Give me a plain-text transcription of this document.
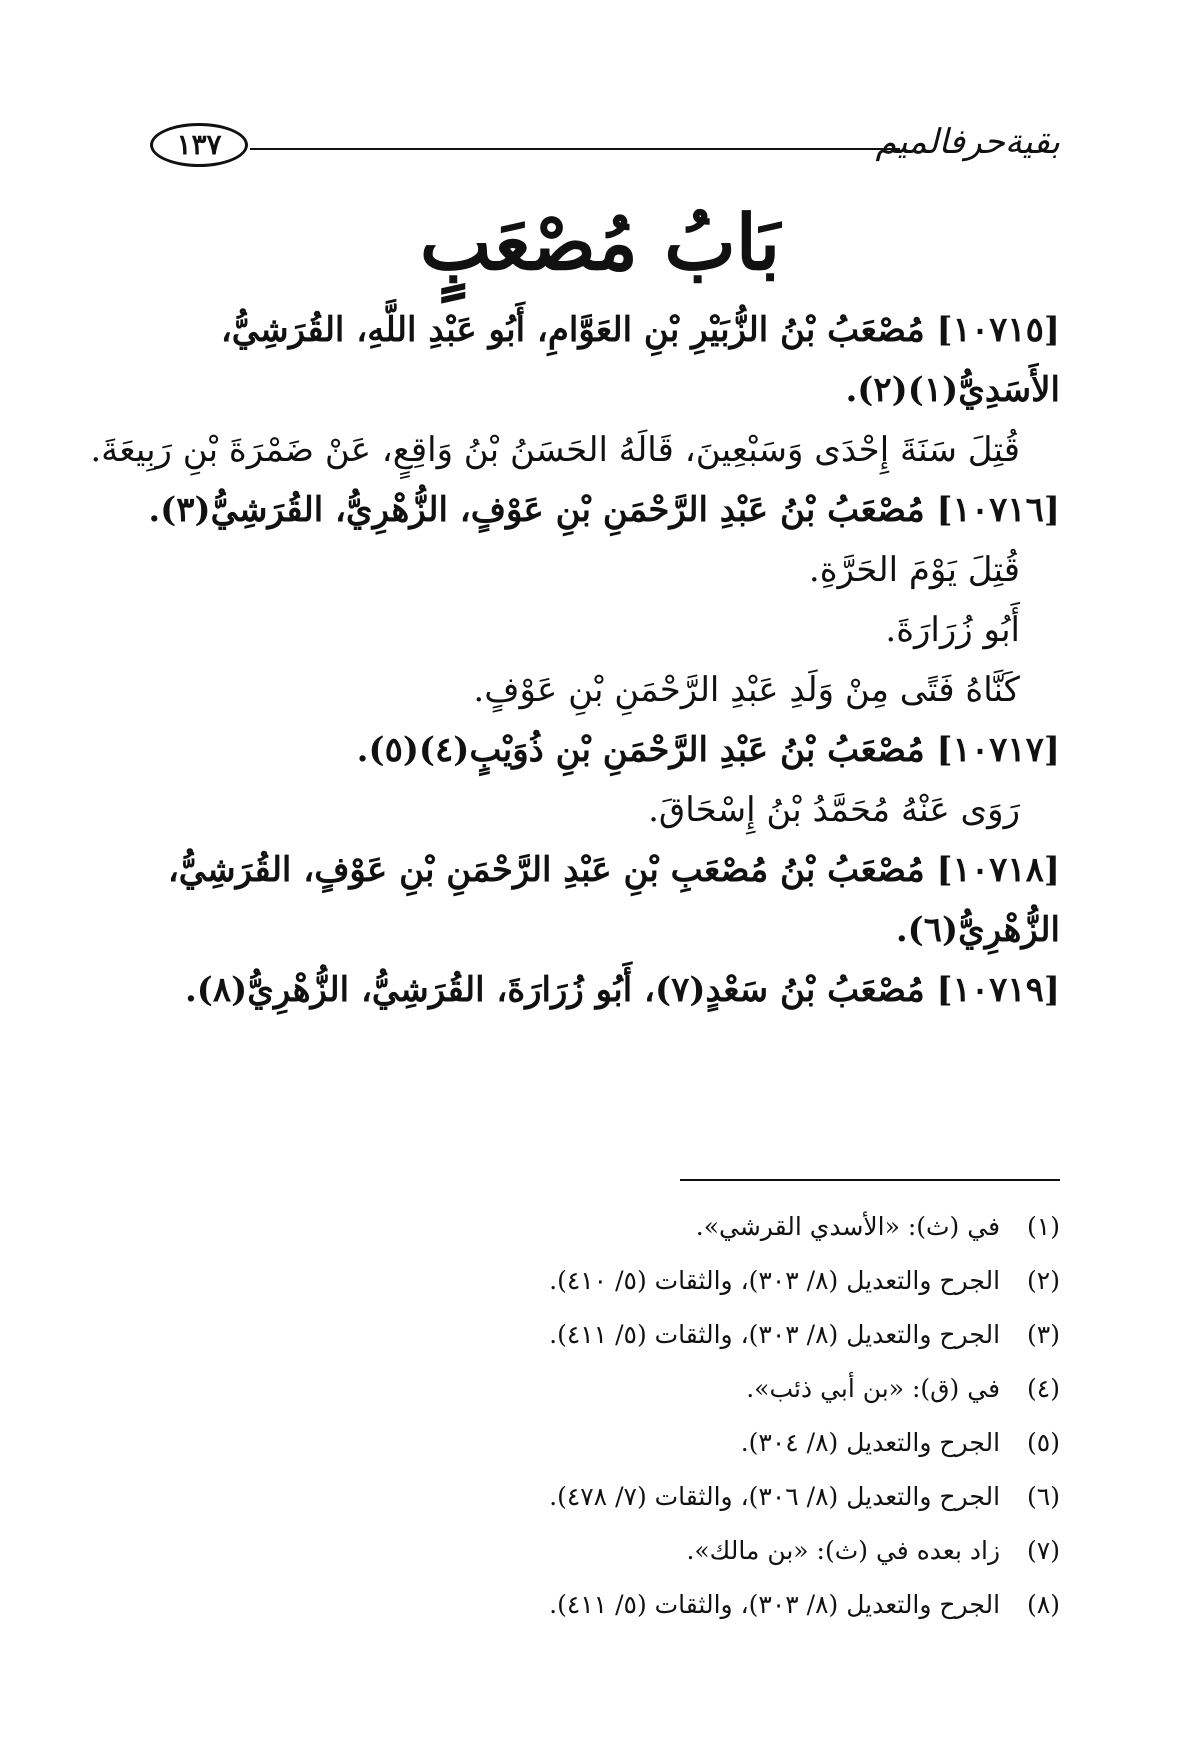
بقيةحرفالميم
١٣٧
بَابُ مُصْعَبٍ
[١٠٧١٥] مُصْعَبُ بْنُ الزُّبَيْرِ بْنِ العَوَّامِ، أَبُو عَبْدِ اللَّهِ، القُرَشِيُّ،
الأَسَدِيُّ(١)(٢).
قُتِلَ سَنَةَ إِحْدَى وَسَبْعِينَ، قَالَهُ الحَسَنُ بْنُ وَاقِعٍ، عَنْ ضَمْرَةَ بْنِ رَبِيعَةَ.
[١٠٧١٦] مُصْعَبُ بْنُ عَبْدِ الرَّحْمَنِ بْنِ عَوْفٍ، الزُّهْرِيُّ، القُرَشِيُّ(٣).
قُتِلَ يَوْمَ الحَرَّةِ.
أَبُو زُرَارَةَ.
كَنَّاهُ فَتًى مِنْ وَلَدِ عَبْدِ الرَّحْمَنِ بْنِ عَوْفٍ.
[١٠٧١٧] مُصْعَبُ بْنُ عَبْدِ الرَّحْمَنِ بْنِ ذُوَيْبٍ(٤)(٥).
رَوَى عَنْهُ مُحَمَّدُ بْنُ إِسْحَاقَ.
[١٠٧١٨] مُصْعَبُ بْنُ مُصْعَبِ بْنِ عَبْدِ الرَّحْمَنِ بْنِ عَوْفٍ، القُرَشِيُّ،
الزُّهْرِيُّ(٦).
[١٠٧١٩] مُصْعَبُ بْنُ سَعْدٍ(٧)، أَبُو زُرَارَةَ، القُرَشِيُّ، الزُّهْرِيُّ(٨).
(١) في (ث): «الأسدي القرشي».
(٢) الجرح والتعديل (٨/ ٣٠٣)، والثقات (٥/ ٤١٠).
(٣) الجرح والتعديل (٨/ ٣٠٣)، والثقات (٥/ ٤١١).
(٤) في (ق): «بن أبي ذئب».
(٥) الجرح والتعديل (٨/ ٣٠٤).
(٦) الجرح والتعديل (٨/ ٣٠٦)، والثقات (٧/ ٤٧٨).
(٧) زاد بعده في (ث): «بن مالك».
(٨) الجرح والتعديل (٨/ ٣٠٣)، والثقات (٥/ ٤١١).
